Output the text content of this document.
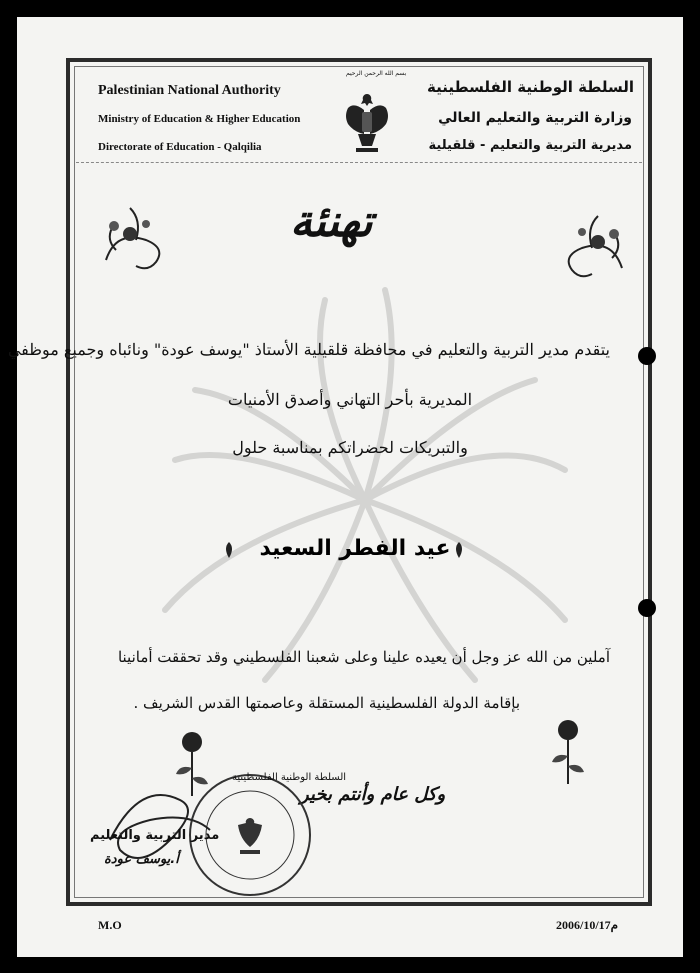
Palestinian National Authority
Ministry of Education & Higher Education
Directorate of Education - Qalqilia
السلطة الوطنية الفلسطينية
وزارة التربية والتعليم العالي
مديرية التربية والتعليم - قلقيلية
بسم الله الرحمن الرحيم
تهنئة
يتقدم مدير التربية والتعليم في محافظة قلقيلية الأستاذ "يوسف عودة" ونائباه وجميع موظفي
المديرية بأحر التهاني وأصدق الأمنيات
والتبريكات لحضراتكم بمناسبة حلول
عيد الفطر السعيد
آملين من الله عز وجل أن يعيده علينا وعلى شعبنا الفلسطيني وقد تحققت أمانينا
بإقامة الدولة الفلسطينية المستقلة وعاصمتها القدس الشريف .
وكل عام وأنتم بخير
السلطة الوطنية الفلسطينية
مدير التربية والتعليم
أ.يوسف عودة
M.O	2006/10/17م
